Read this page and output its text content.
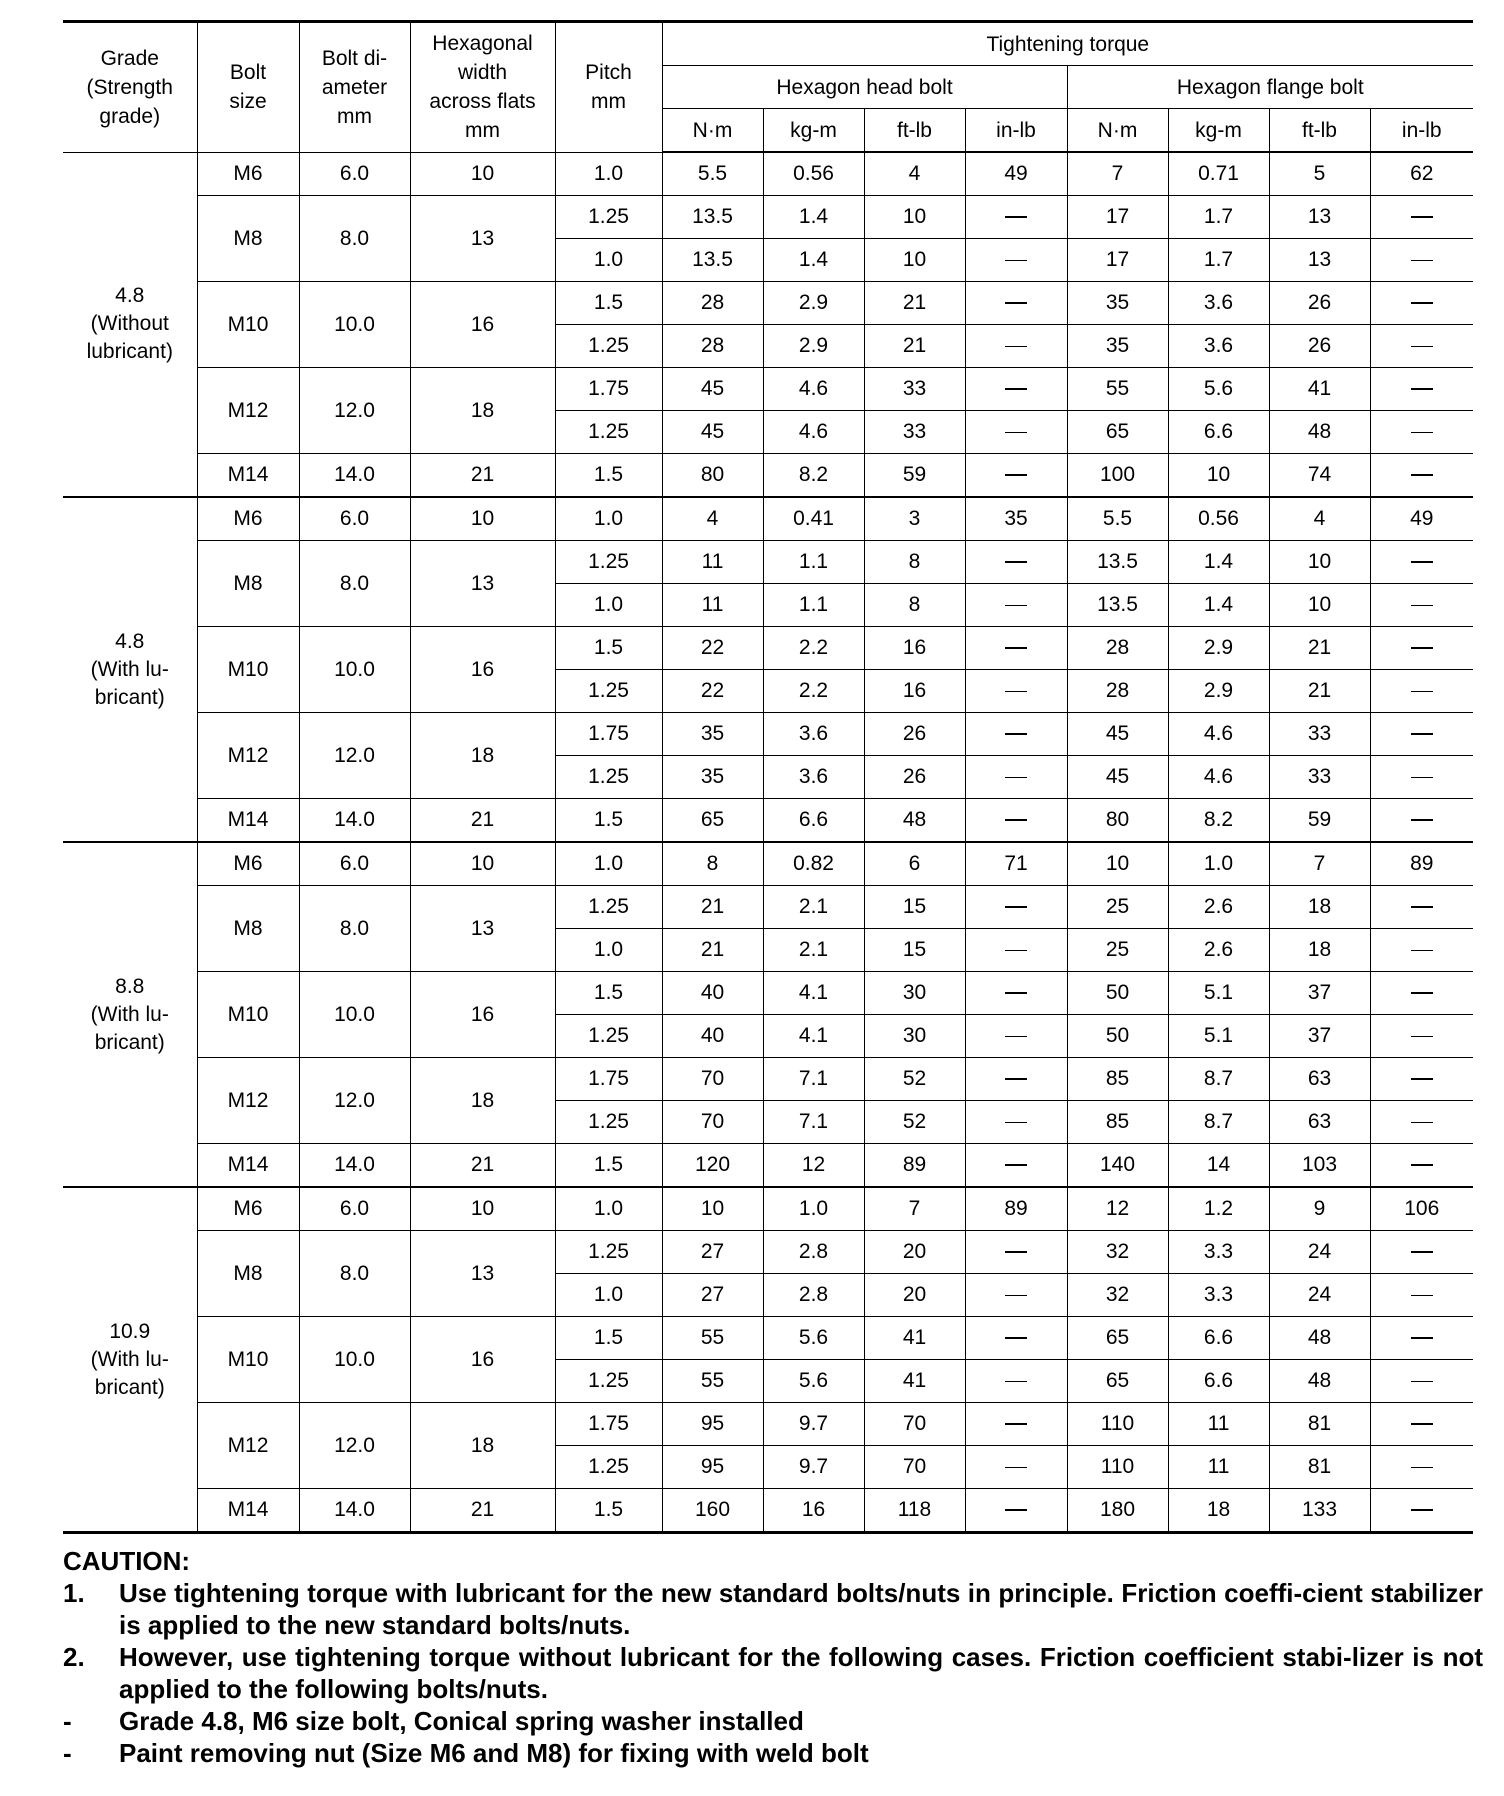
Grade
(Strength
grade)	Bolt
size	Bolt di-
ameter
mm	Hexagonal
width
across flats
mm	Pitch
mm	Tightening torque							
					Hexagon head bolt				Hexagon flange bolt			
					N·m	kg-m	ft-lb	in-lb	N·m	kg-m	ft-lb	in-lb

4.8
(Without
lubricant)	M6	6.0	10	1.0	5.5	0.56	4	49	7	0.71	5	62
	M8	8.0	13	1.25	13.5	1.4	10		17	1.7	13	
				1.0	13.5	1.4	10		17	1.7	13	
	M10	10.0	16	1.5	28	2.9	21		35	3.6	26	
				1.25	28	2.9	21		35	3.6	26	
	M12	12.0	18	1.75	45	4.6	33		55	5.6	41	
				1.25	45	4.6	33		65	6.6	48	
	M14	14.0	21	1.5	80	8.2	59		100	10	74	

4.8
(With lu-
bricant)	M6	6.0	10	1.0	4	0.41	3	35	5.5	0.56	4	49
	M8	8.0	13	1.25	11	1.1	8		13.5	1.4	10	
				1.0	11	1.1	8		13.5	1.4	10	
	M10	10.0	16	1.5	22	2.2	16		28	2.9	21	
				1.25	22	2.2	16		28	2.9	21	
	M12	12.0	18	1.75	35	3.6	26		45	4.6	33	
				1.25	35	3.6	26		45	4.6	33	
	M14	14.0	21	1.5	65	6.6	48		80	8.2	59	

8.8
(With lu-
bricant)	M6	6.0	10	1.0	8	0.82	6	71	10	1.0	7	89
	M8	8.0	13	1.25	21	2.1	15		25	2.6	18	
				1.0	21	2.1	15		25	2.6	18	
	M10	10.0	16	1.5	40	4.1	30		50	5.1	37	
				1.25	40	4.1	30		50	5.1	37	
	M12	12.0	18	1.75	70	7.1	52		85	8.7	63	
				1.25	70	7.1	52		85	8.7	63	
	M14	14.0	21	1.5	120	12	89		140	14	103	

10.9
(With lu-
bricant)	M6	6.0	10	1.0	10	1.0	7	89	12	1.2	9	106
	M8	8.0	13	1.25	27	2.8	20		32	3.3	24	
				1.0	27	2.8	20		32	3.3	24	
	M10	10.0	16	1.5	55	5.6	41		65	6.6	48	
				1.25	55	5.6	41		65	6.6	48	
	M12	12.0	18	1.75	95	9.7	70		110	11	81	
				1.25	95	9.7	70		110	11	81	
	M14	14.0	21	1.5	160	16	118		180	18	133	
CAUTION:
1.	Use tightening torque with lubricant for the new standard bolts/nuts in principle. Friction coeffi-cient stabilizer is applied to the new standard bolts/nuts.
2.	However, use tightening torque without lubricant for the following cases. Friction coefficient stabi-lizer is not applied to the following bolts/nuts.
-	Grade 4.8, M6 size bolt, Conical spring washer installed
-	Paint removing nut (Size M6 and M8) for fixing with weld bolt
